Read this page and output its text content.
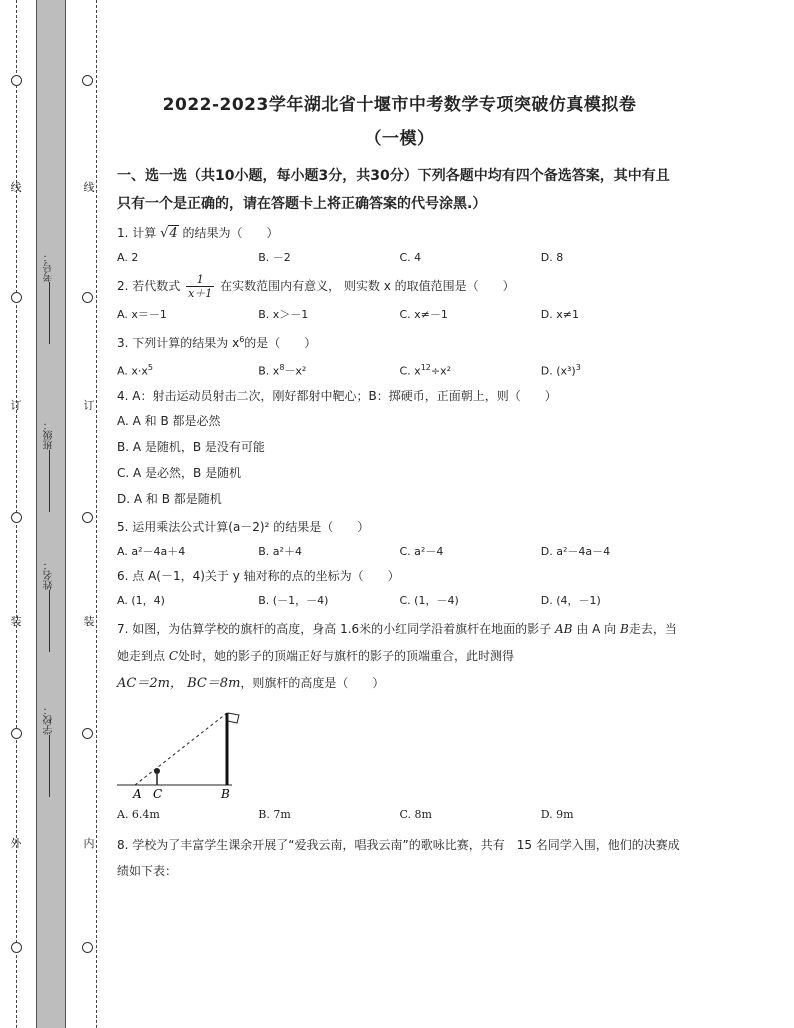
线
订
装
外
线
订
装
内
考号：
班级：
姓名：
学校：
2022-2023学年湖北省十堰市中考数学专项突破仿真模拟卷
（一模）
一、选一选（共10小题，每小题3分，共30分）下列各题中均有四个备选答案，其中有且只有一个是正确的，请在答题卡上将正确答案的代号涂黑.）
1. 计算 √4 的结果为（　　）
A. 2	B. －2	C. 4	D. 8
2. 若代数式 $\frac{1}{x+1}$ 在实数范围内有意义， 则实数 x 的取值范围是（　　）
A. x＝－1	B. x＞－1	C. x≠－1	D. x≠1
3. 下列计算的结果为 $x^6$的是（　　）
A. $x\cdot x^5$	B. $x^8-x^2$	C. $x^{12}\div x^2$	D. $(x^3)^3$
4. A：射击运动员射击二次，刚好都射中靶心；B：掷硬币，正面朝上，则（　　）
A. A 和 B 都是必然
B. A 是随机，B 是没有可能
C. A 是必然，B 是随机
D. A 和 B 都是随机
5. 运用乘法公式计算(a－2)² 的结果是（　　）
A. a²－4a＋4	B. a²＋4	C. a²－4	D. a²－4a－4
6. 点 A(－1，4)关于 y 轴对称的点的坐标为（　　）
A. (1，4)	B. (－1，－4)	C. (1，－4)	D. (4，－1)
7. 如图，为估算学校的旗杆的高度，身高 1.6米的小红同学沿着旗杆在地面的影子 AB 由 A 向 B走去，当她走到点 C处时，她的影子的顶端正好与旗杆的影子的顶端重合，此时测得
AC＝2m， BC＝8m，则旗杆的高度是（　　）
A C	B
A. 6.4m	B. 7m	C. 8m	D. 9m
8. 学校为了丰富学生课余开展了“爱我云南，唱我云南”的歌咏比赛，共有　15 名同学入围，他们的决赛成绩如下表：
